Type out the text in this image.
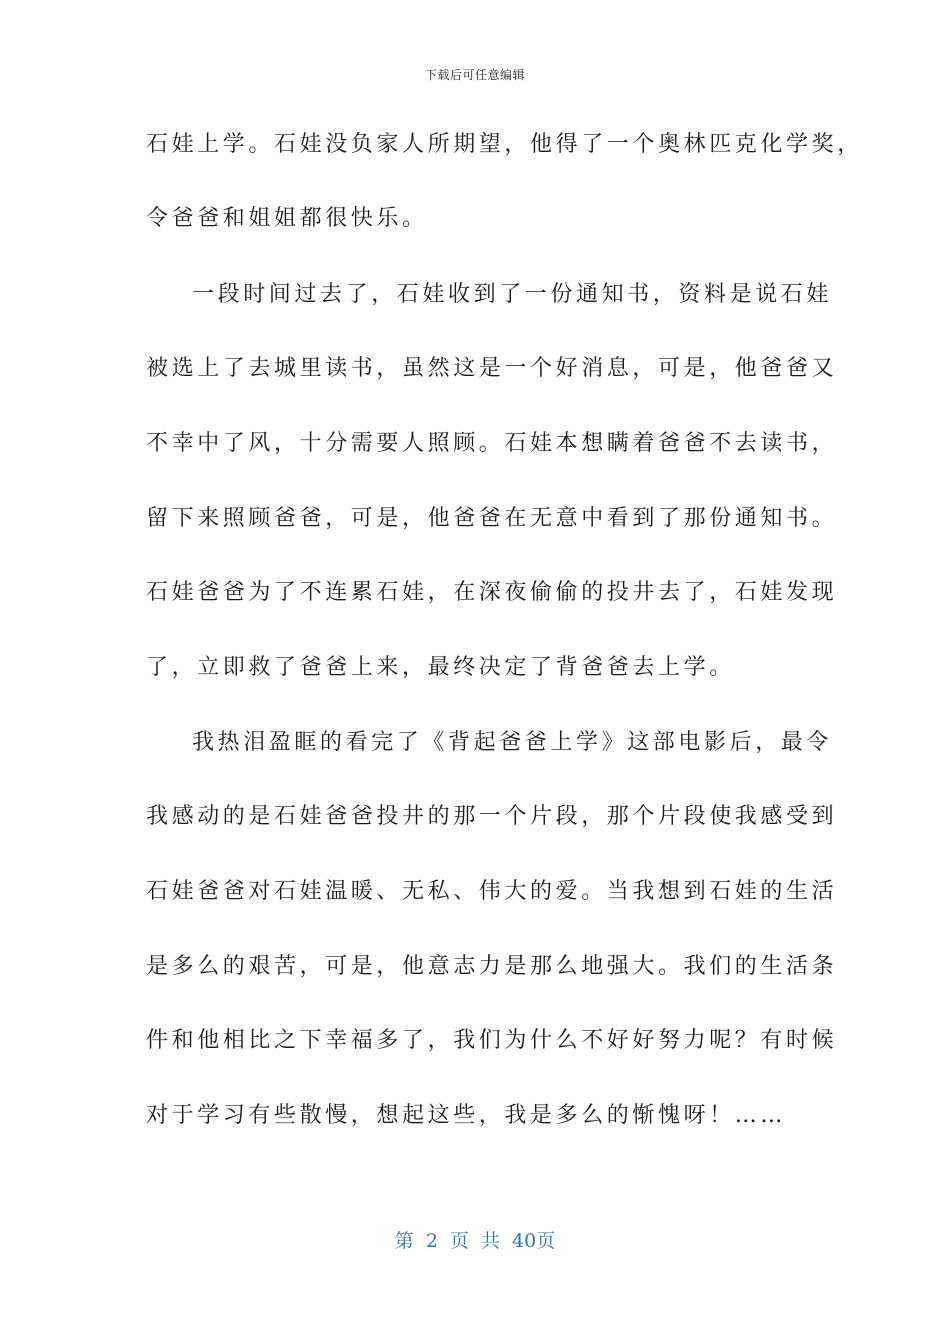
下载后可任意编辑
石娃上学。石娃没负家人所期望，他得了一个奥林匹克化学奖，
令爸爸和姐姐都很快乐。
一段时间过去了，石娃收到了一份通知书，资料是说石娃
被选上了去城里读书，虽然这是一个好消息，可是，他爸爸又
不幸中了风，十分需要人照顾。石娃本想瞒着爸爸不去读书，
留下来照顾爸爸，可是，他爸爸在无意中看到了那份通知书。
石娃爸爸为了不连累石娃，在深夜偷偷的投井去了，石娃发现
了，立即救了爸爸上来，最终决定了背爸爸去上学。
我热泪盈眶的看完了《背起爸爸上学》这部电影后，最令
我感动的是石娃爸爸投井的那一个片段，那个片段使我感受到
石娃爸爸对石娃温暖、无私、伟大的爱。当我想到石娃的生活
是多么的艰苦，可是，他意志力是那么地强大。我们的生活条
件和他相比之下幸福多了，我们为什么不好好努力呢？有时候
对于学习有些散慢，想起这些，我是多么的惭愧呀！……
第 2 页 共 40页
